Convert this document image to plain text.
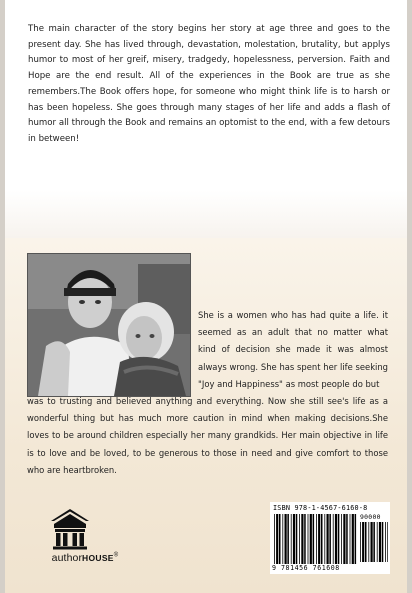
The main character of the story begins her story at age three and goes to the present day. She has lived through, devastation, molestation, brutality, but applys humor to most of her greif, misery, tradgedy, hopelessness, perversion. Faith and Hope are the end result. All of the experiences in the Book are true as she remembers.The Book offers hope, for someone who might think life is to harsh or has been hopeless. She goes through many stages of her life and adds a flash of humor all through the Book and remains an optomist to the end, with a few detours in between!

She is a women who has had quite a life. it seemed as an adult that no matter what kind of decision she made it was almost always wrong. She has spent her life seeking "Joy and Happiness" as most people do but

was to trusting and believed anything and everything. Now she still see's life as a wonderful thing but has much more caution in mind when making decisions.She loves to be around children especially her many grandkids. Her main objective in life is to love and be loved, to be generous to those in need and give comfort to those who are heartbroken.

authorHOUSE®
ISBN 978-1-4567-6160-8
90000
9 781456 761608
